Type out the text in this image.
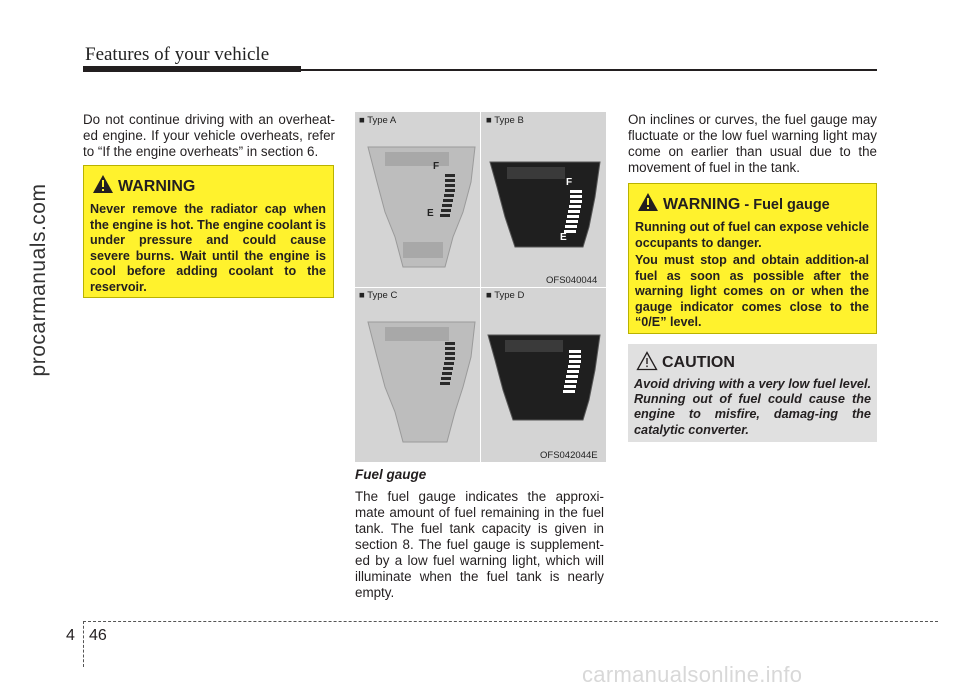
Features of your vehicle
procarmanuals.com
Do not continue driving with an overheat-ed engine. If your vehicle overheats, refer to “If the engine overheats” in section 6.
WARNING
Never remove the radiator cap when the engine is hot. The engine coolant is under pressure and could cause severe burns. Wait until the engine is cool before adding coolant to the reservoir.
F
E
F
E
■ Type A	■ Type B
■ Type C	■ Type D
OFS040044
OFS042044E
Fuel gauge
The fuel gauge indicates the approxi-mate amount of fuel remaining in the fuel tank. The fuel tank capacity is given in section 8. The fuel gauge is supplement-ed by a low fuel warning light, which will illuminate when the fuel tank is nearly empty.
On inclines or curves, the fuel gauge may fluctuate or the low fuel warning light may come on earlier than usual due to the movement of fuel in the tank.
WARNING - Fuel gauge
Running out of fuel can expose vehicle occupants to danger.
You must stop and obtain addition-al fuel as soon as possible after the warning light comes on or when the gauge indicator comes close to the “0/E” level.
CAUTION
Avoid driving with a very low fuel level. Running out of fuel could cause the engine to misfire, damag-ing the catalytic converter.
4 46
carmanualsonline.info
